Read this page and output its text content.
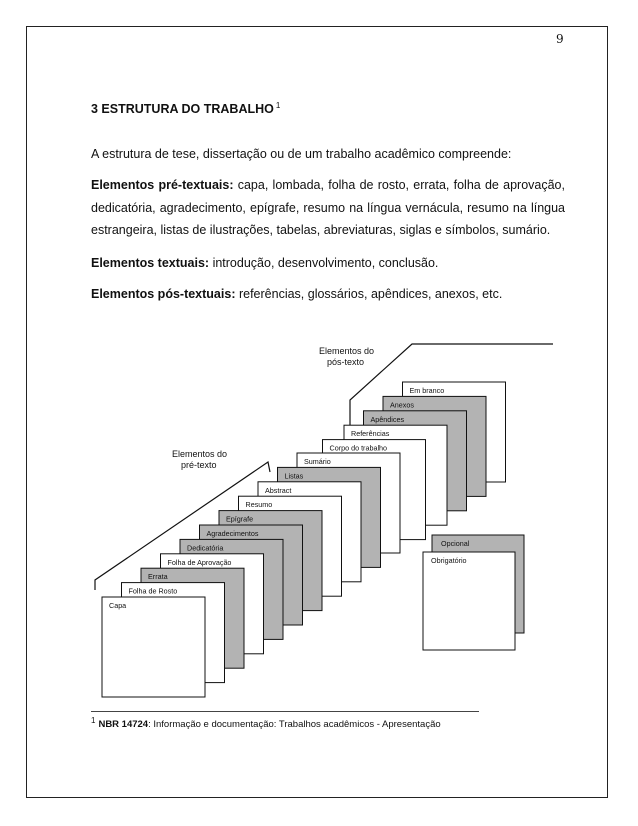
9
3 ESTRUTURA DO TRABALHO $^1$
A estrutura de tese, dissertação ou de um trabalho acadêmico compreende:
Elementos pré-textuais: capa, lombada, folha de rosto, errata, folha de aprovação,
dedicatória, agradecimento, epígrafe, resumo na língua vernácula, resumo na língua
estrangeira, listas de ilustrações, tabelas, abreviaturas, siglas e símbolos, sumário.
Elementos textuais: introdução, desenvolvimento, conclusão.
Elementos pós-textuais: referências, glossários, apêndices, anexos, etc.
Elementos do
pré-texto
Elementos do
pós-texto
Em branco
Anexos
Apêndices
Referências
Corpo do trabalho
Sumário
Listas
Abstract
Resumo
Epígrafe
Agradecimentos
Dedicatória
Folha de Aprovação
Errata
Folha de Rosto
Capa
Opcional
Obrigatório
$^1$ NBR 14724: Informação e documentação: Trabalhos acadêmicos - Apresentação
